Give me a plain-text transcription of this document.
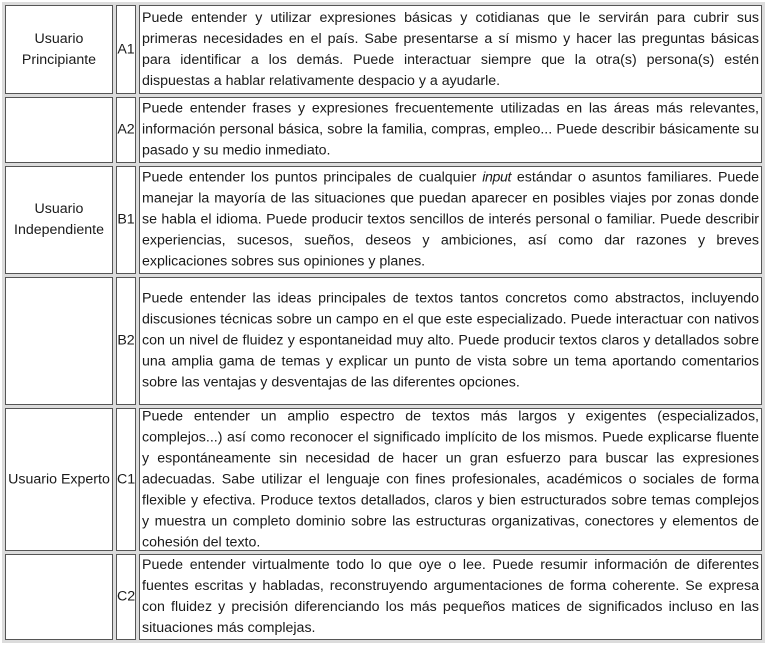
Usuario Principiante
A1
Puede entender y utilizar expresiones básicas y cotidianas que le servirán para cubrir sus primeras necesidades en el país. Sabe presentarse a sí mismo y hacer las preguntas básicas para identificar a los demás. Puede interactuar siempre que la otra(s) persona(s) estén dispuestas a hablar relativamente despacio y a ayudarle.
A2
Puede entender frases y expresiones frecuentemente utilizadas en las áreas más relevantes, información personal básica, sobre la familia, compras, empleo... Puede describir básicamente su pasado y su medio inmediato.
Usuario Independiente
B1
Puede entender los puntos principales de cualquier input estándar o asuntos familiares. Puede manejar la mayoría de las situaciones que puedan aparecer en posibles viajes por zonas donde se habla el idioma. Puede producir textos sencillos de interés personal o familiar. Puede describir experiencias, sucesos, sueños, deseos y ambiciones, así como dar razones y breves explicaciones sobres sus opiniones y planes.
B2
Puede entender las ideas principales de textos tantos concretos como abstractos, incluyendo discusiones técnicas sobre un campo en el que este especializado. Puede interactuar con nativos con un nivel de fluidez y espontaneidad muy alto. Puede producir textos claros y detallados sobre una amplia gama de temas y explicar un punto de vista sobre un tema aportando comentarios sobre las ventajas y desventajas de las diferentes opciones.
Usuario Experto C1
Puede entender un amplio espectro de textos más largos y exigentes (especializados, complejos...) así como reconocer el significado implícito de los mismos. Puede explicarse fluente y espontáneamente sin necesidad de hacer un gran esfuerzo para buscar las expresiones adecuadas. Sabe utilizar el lenguaje con fines profesionales, académicos o sociales de forma flexible y efectiva. Produce textos detallados, claros y bien estructurados sobre temas complejos y muestra un completo dominio sobre las estructuras organizativas, conectores y elementos de cohesión del texto.
C2
Puede entender virtualmente todo lo que oye o lee. Puede resumir información de diferentes fuentes escritas y habladas, reconstruyendo argumentaciones de forma coherente. Se expresa con fluidez y precisión diferenciando los más pequeños matices de significados incluso en las situaciones más complejas.
